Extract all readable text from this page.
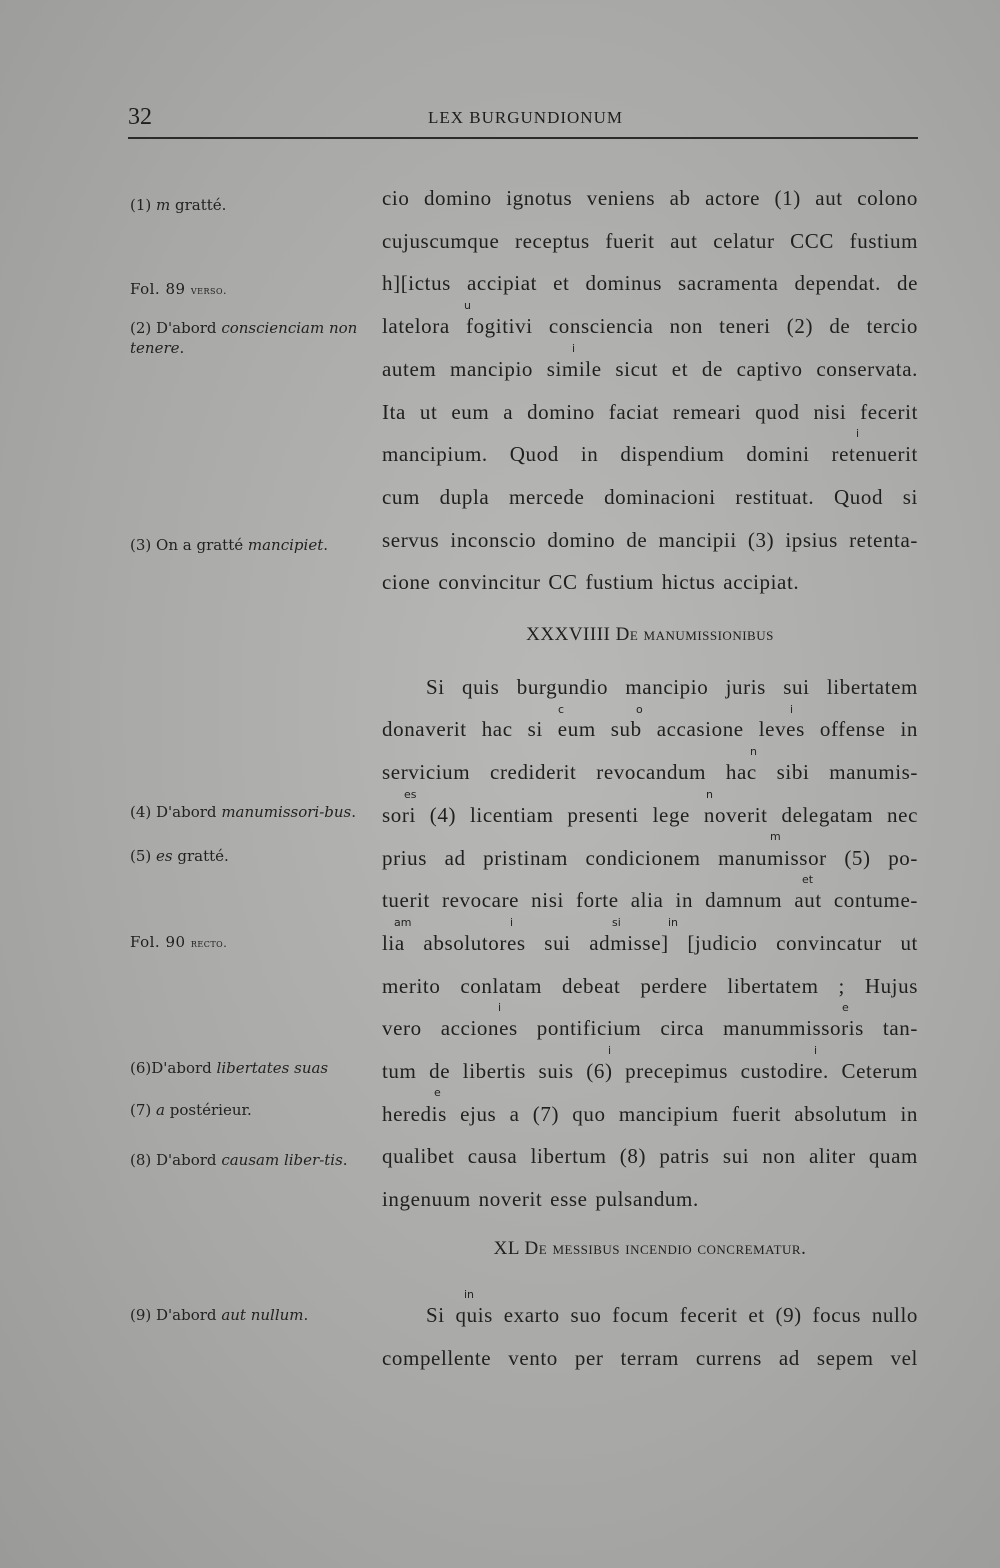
32	LEX BURGUNDIONUM
(1) m gratté.
Fol. 89 verso.
(2) D'abord conscienciam non tenere.
(3) On a gratté mancipiet.
(4) D'abord manumissori-bus.
(5) es gratté.
Fol. 90 recto.
(6)D'abord libertates suas
(7) a postérieur.
(8) D'abord causam liber-tis.
(9) D'abord aut nullum.
cio domino ignotus veniens ab actore (1) aut colono
cujuscumque receptus fuerit aut celatur CCC fustium
h][ictus accipiat et dominus sacramenta dependat. de
latelora fogitivi consciencia non teneri (2) de tercio
autem mancipio simile sicut et de captivo conservata.
Ita ut eum a domino faciat remeari quod nisi fecerit
mancipium. Quod in dispendium domini retenuerit
cum dupla mercede dominacioni restituat. Quod si
servus inconscio domino de mancipii (3) ipsius retenta-
cione convincitur CC fustium hictus accipiat.
XXXVIIII De manumissionibus
Si quis burgundio mancipio juris sui libertatem
donaverit hac si eum sub accasione leves offense in
servicium crediderit revocandum hac sibi manumis-
sori (4) licentiam presenti lege noverit delegatam nec
prius ad pristinam condicionem manumissor (5) po-
tuerit revocare nisi forte alia in damnum aut contume-
lia absolutores sui admisse] [judicio convincatur ut
merito conlatam debeat perdere libertatem ; Hujus
vero acciones pontificium circa manummissoris tan-
tum de libertis suis (6) precepimus custodire. Ceterum
heredis ejus a (7) quo mancipium fuerit absolutum in
qualibet causa libertum (8) patris sui non aliter quam
ingenuum noverit esse pulsandum.
XL De messibus incendio concrematur.
Si quis exarto suo focum fecerit et (9) focus nullo
compellente vento per terram currens ad sepem vel
u
i
i
c	o	i
n
es	n
m
et
am	i	si	in
i	e
i	i
e
in
